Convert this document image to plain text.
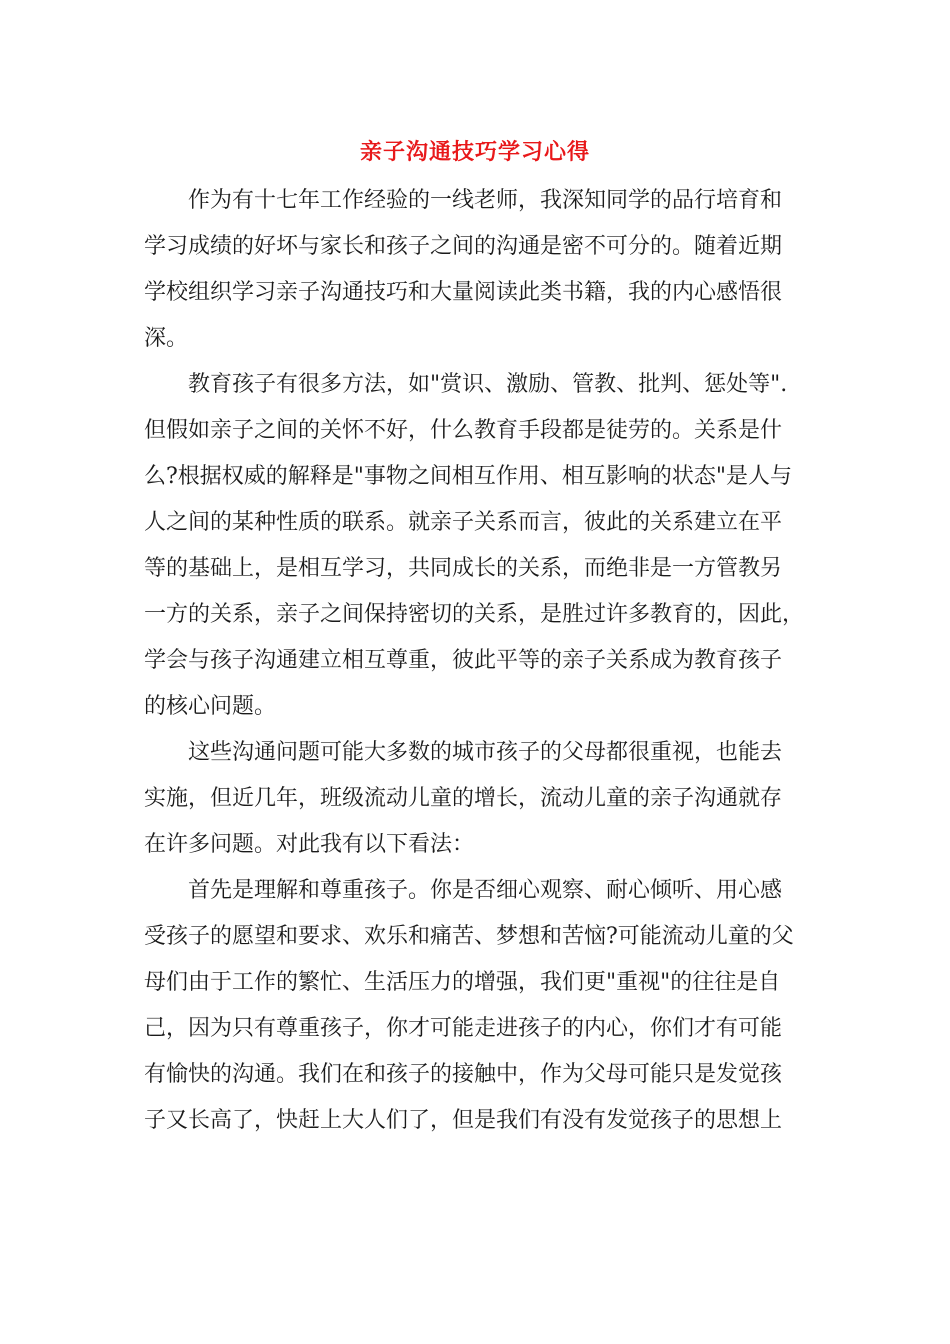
亲子沟通技巧学习心得
作为有十七年工作经验的一线老师，我深知同学的品行培育和
学习成绩的好坏与家长和孩子之间的沟通是密不可分的。随着近期
学校组织学习亲子沟通技巧和大量阅读此类书籍，我的内心感悟很
深。
教育孩子有很多方法，如"赏识、激励、管教、批判、惩处等".
但假如亲子之间的关怀不好，什么教育手段都是徒劳的。关系是什
么?根据权威的解释是"事物之间相互作用、相互影响的状态"是人与
人之间的某种性质的联系。就亲子关系而言，彼此的关系建立在平
等的基础上，是相互学习，共同成长的关系，而绝非是一方管教另
一方的关系，亲子之间保持密切的关系，是胜过许多教育的，因此，
学会与孩子沟通建立相互尊重，彼此平等的亲子关系成为教育孩子
的核心问题。
这些沟通问题可能大多数的城市孩子的父母都很重视，也能去
实施，但近几年，班级流动儿童的增长，流动儿童的亲子沟通就存
在许多问题。对此我有以下看法：
首先是理解和尊重孩子。你是否细心观察、耐心倾听、用心感
受孩子的愿望和要求、欢乐和痛苦、梦想和苦恼?可能流动儿童的父
母们由于工作的繁忙、生活压力的增强，我们更"重视"的往往是自
己，因为只有尊重孩子，你才可能走进孩子的内心，你们才有可能
有愉快的沟通。我们在和孩子的接触中，作为父母可能只是发觉孩
子又长高了，快赶上大人们了，但是我们有没有发觉孩子的思想上
